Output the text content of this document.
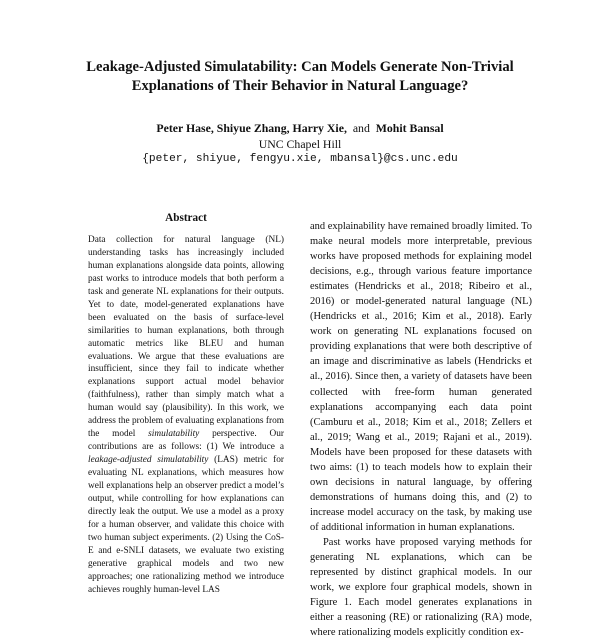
Leakage-Adjusted Simulatability: Can Models Generate Non-Trivial
Explanations of Their Behavior in Natural Language?
Peter Hase, Shiyue Zhang, Harry Xie, and Mohit Bansal
UNC Chapel Hill
{peter, shiyue, fengyu.xie, mbansal}@cs.unc.edu
Abstract

Data collection for natural language (NL) understanding tasks has increasingly included human explanations alongside data points, allowing past works to introduce models that both perform a task and generate NL explanations for their outputs. Yet to date, model-generated explanations have been evaluated on the basis of surface-level similarities to human explanations, both through automatic metrics like BLEU and human evaluations. We argue that these evaluations are insufficient, since they fail to indicate whether explanations support actual model behavior (faithfulness), rather than simply match what a human would say (plausibility). In this work, we address the problem of evaluating explanations from the model simulatability perspective. Our contributions are as follows: (1) We introduce a leakage-adjusted simulatability (LAS) metric for evaluating NL explanations, which measures how well explanations help an observer predict a model’s output, while controlling for how explanations can directly leak the output. We use a model as a proxy for a human observer, and validate this choice with two human subject experiments. (2) Using the CoS-E and e-SNLI datasets, we evaluate two existing generative graphical models and two new approaches; one rationalizing method we introduce achieves roughly human-level LAS

and explainability have remained broadly limited. To make neural models more interpretable, previous works have proposed methods for explaining model decisions, e.g., through various feature importance estimates (Hendricks et al., 2018; Ribeiro et al., 2016) or model-generated natural language (NL) (Hendricks et al., 2016; Kim et al., 2018). Early work on generating NL explanations focused on providing explanations that were both descriptive of an image and discriminative as labels (Hendricks et al., 2016). Since then, a variety of datasets have been collected with free-form human generated explanations accompanying each data point (Camburu et al., 2018; Kim et al., 2018; Zellers et al., 2019; Wang et al., 2019; Rajani et al., 2019). Models have been proposed for these datasets with two aims: (1) to teach models how to explain their own decisions in natural language, by offering demonstrations of humans doing this, and (2) to increase model accuracy on the task, by making use of additional information in human explanations.

Past works have proposed varying methods for generating NL explanations, which can be represented by distinct graphical models. In our work, we explore four graphical models, shown in Figure 1. Each model generates explanations in either a reasoning (RE) or rationalizing (RA) mode, where rationalizing models explicitly condition ex-
